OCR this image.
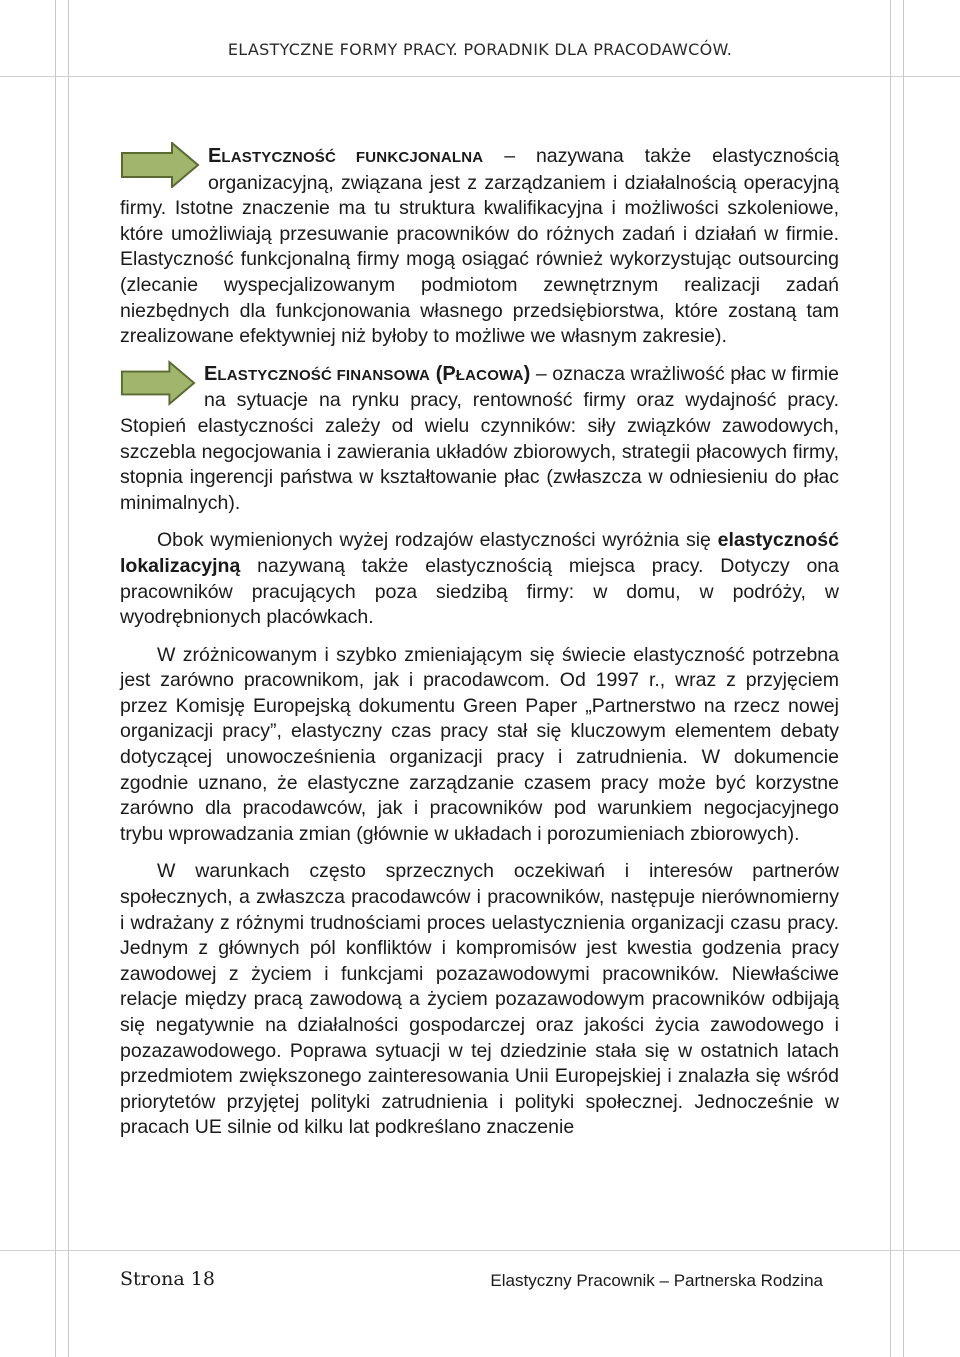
ELASTYCZNE FORMY PRACY. PORADNIK DLA PRACODAWCÓW.

ELASTYCZNOŚĆ FUNKCJONALNA – nazywana także elastycznością organizacyjną, związana jest z zarządzaniem i działalnością operacyjną firmy. Istotne znaczenie ma tu struktura kwalifikacyjna i możliwości szkoleniowe, które umożliwiają przesuwanie pracowników do różnych zadań i działań w firmie. Elastyczność funkcjonalną firmy mogą osiągać również wykorzystując outsourcing (zlecanie wyspecjalizowanym podmiotom zewnętrznym realizacji zadań niezbędnych dla funkcjonowania własnego przedsiębiorstwa, które zostaną tam zrealizowane efektywniej niż byłoby to możliwe we własnym zakresie).

ELASTYCZNOŚĆ FINANSOWA (PŁACOWA) – oznacza wrażliwość płac w firmie na sytuacje na rynku pracy, rentowność firmy oraz wydajność pracy. Stopień elastyczności zależy od wielu czynników: siły związków zawodowych, szczebla negocjowania i zawierania układów zbiorowych, strategii płacowych firmy, stopnia ingerencji państwa w kształtowanie płac (zwłaszcza w odniesieniu do płac minimalnych).

Obok wymienionych wyżej rodzajów elastyczności wyróżnia się elastyczność lokalizacyjną nazywaną także elastycznością miejsca pracy. Dotyczy ona pracowników pracujących poza siedzibą firmy: w domu, w podróży, w wyodrębnionych placówkach.

W zróżnicowanym i szybko zmieniającym się świecie elastyczność potrzebna jest zarówno pracownikom, jak i pracodawcom. Od 1997 r., wraz z przyjęciem przez Komisję Europejską dokumentu Green Paper „Partnerstwo na rzecz nowej organizacji pracy”, elastyczny czas pracy stał się kluczowym elementem debaty dotyczącej unowocześnienia organizacji pracy i zatrudnienia. W dokumencie zgodnie uznano, że elastyczne zarządzanie czasem pracy może być korzystne zarówno dla pracodawców, jak i pracowników pod warunkiem negocjacyjnego trybu wprowadzania zmian (głównie w układach i porozumieniach zbiorowych).

W warunkach często sprzecznych oczekiwań i interesów partnerów społecznych, a zwłaszcza pracodawców i pracowników, następuje nierównomierny i wdrażany z różnymi trudnościami proces uelastycznienia organizacji czasu pracy. Jednym z głównych pól konfliktów i kompromisów jest kwestia godzenia pracy zawodowej z życiem i funkcjami pozazawodowymi pracowników. Niewłaściwe relacje między pracą zawodową a życiem pozazawodowym pracowników odbijają się negatywnie na działalności gospodarczej oraz jakości życia zawodowego i pozazawodowego. Poprawa sytuacji w tej dziedzinie stała się w ostatnich latach przedmiotem zwiększonego zainteresowania Unii Europejskiej i znalazła się wśród priorytetów przyjętej polityki zatrudnienia i polityki społecznej. Jednocześnie w pracach UE silnie od kilku lat podkreślano znaczenie

Strona 18	Elastyczny Pracownik – Partnerska Rodzina
